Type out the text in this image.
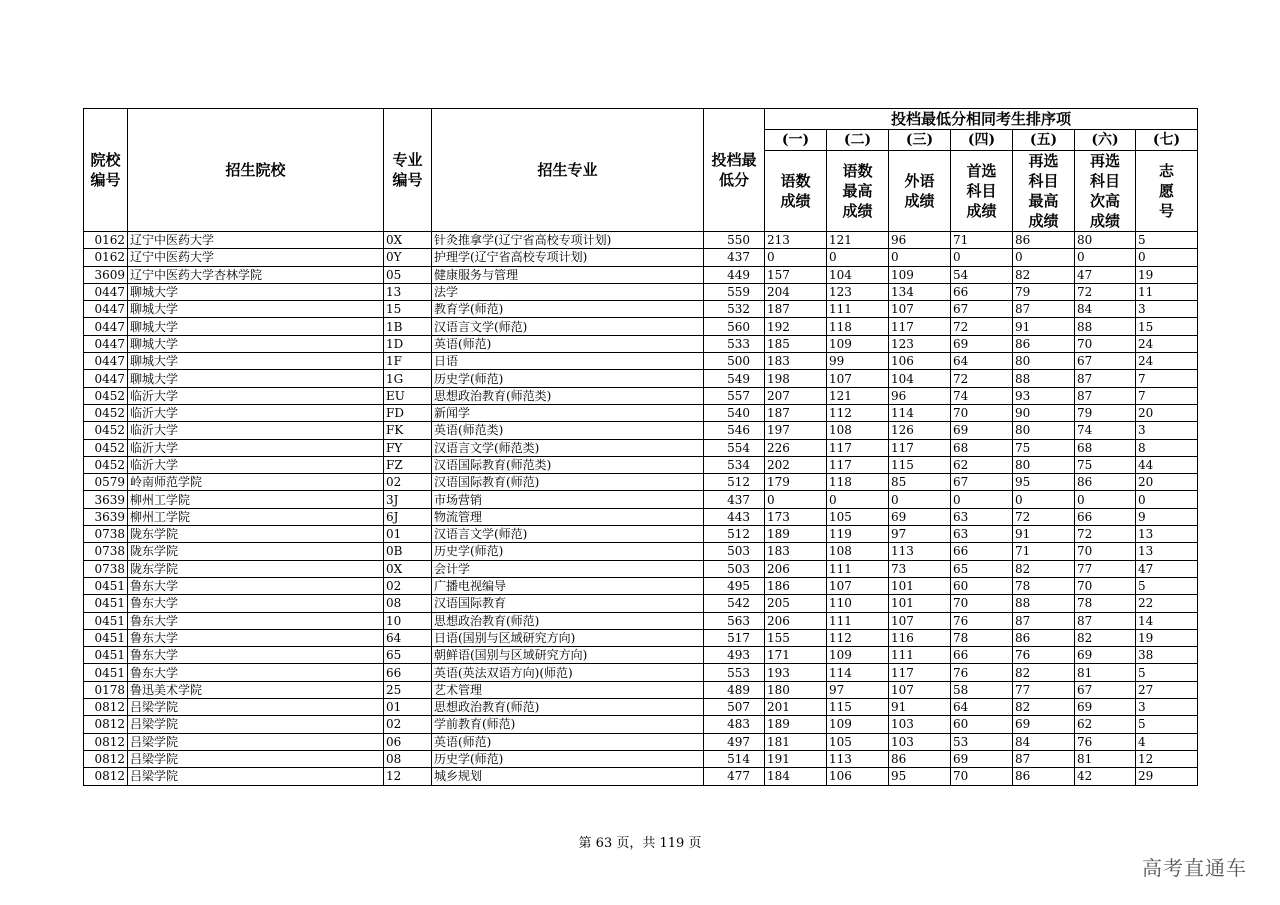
院校编号	招生院校	专业编号	招生专业	投档最低分	投档最低分相同考生排序项						
					(一)	(二)	(三)	(四)	(五)	(六)	(七)
					语数成绩	语数最高成绩	外语成绩	首选科目成绩	再选科目最高成绩	再选科目次高成绩	志愿号
0162	辽宁中医药大学	0X	针灸推拿学(辽宁省高校专项计划)	550	213	121	96	71	86	80	5
0162	辽宁中医药大学	0Y	护理学(辽宁省高校专项计划)	437	0	0	0	0	0	0	0
3609	辽宁中医药大学杏林学院	05	健康服务与管理	449	157	104	109	54	82	47	19
0447	聊城大学	13	法学	559	204	123	134	66	79	72	11
0447	聊城大学	15	教育学(师范)	532	187	111	107	67	87	84	3
0447	聊城大学	1B	汉语言文学(师范)	560	192	118	117	72	91	88	15
0447	聊城大学	1D	英语(师范)	533	185	109	123	69	86	70	24
0447	聊城大学	1F	日语	500	183	99	106	64	80	67	24
0447	聊城大学	1G	历史学(师范)	549	198	107	104	72	88	87	7
0452	临沂大学	EU	思想政治教育(师范类)	557	207	121	96	74	93	87	7
0452	临沂大学	FD	新闻学	540	187	112	114	70	90	79	20
0452	临沂大学	FK	英语(师范类)	546	197	108	126	69	80	74	3
0452	临沂大学	FY	汉语言文学(师范类)	554	226	117	117	68	75	68	8
0452	临沂大学	FZ	汉语国际教育(师范类)	534	202	117	115	62	80	75	44
0579	岭南师范学院	02	汉语国际教育(师范)	512	179	118	85	67	95	86	20
3639	柳州工学院	3J	市场营销	437	0	0	0	0	0	0	0
3639	柳州工学院	6J	物流管理	443	173	105	69	63	72	66	9
0738	陇东学院	01	汉语言文学(师范)	512	189	119	97	63	91	72	13
0738	陇东学院	0B	历史学(师范)	503	183	108	113	66	71	70	13
0738	陇东学院	0X	会计学	503	206	111	73	65	82	77	47
0451	鲁东大学	02	广播电视编导	495	186	107	101	60	78	70	5
0451	鲁东大学	08	汉语国际教育	542	205	110	101	70	88	78	22
0451	鲁东大学	10	思想政治教育(师范)	563	206	111	107	76	87	87	14
0451	鲁东大学	64	日语(国别与区域研究方向)	517	155	112	116	78	86	82	19
0451	鲁东大学	65	朝鲜语(国别与区域研究方向)	493	171	109	111	66	76	69	38
0451	鲁东大学	66	英语(英法双语方向)(师范)	553	193	114	117	76	82	81	5
0178	鲁迅美术学院	25	艺术管理	489	180	97	107	58	77	67	27
0812	吕梁学院	01	思想政治教育(师范)	507	201	115	91	64	82	69	3
0812	吕梁学院	02	学前教育(师范)	483	189	109	103	60	69	62	5
0812	吕梁学院	06	英语(师范)	497	181	105	103	53	84	76	4
0812	吕梁学院	08	历史学(师范)	514	191	113	86	69	87	81	12
0812	吕梁学院	12	城乡规划	477	184	106	95	70	86	42	29
第 63 页，共 119 页
高考直通车
